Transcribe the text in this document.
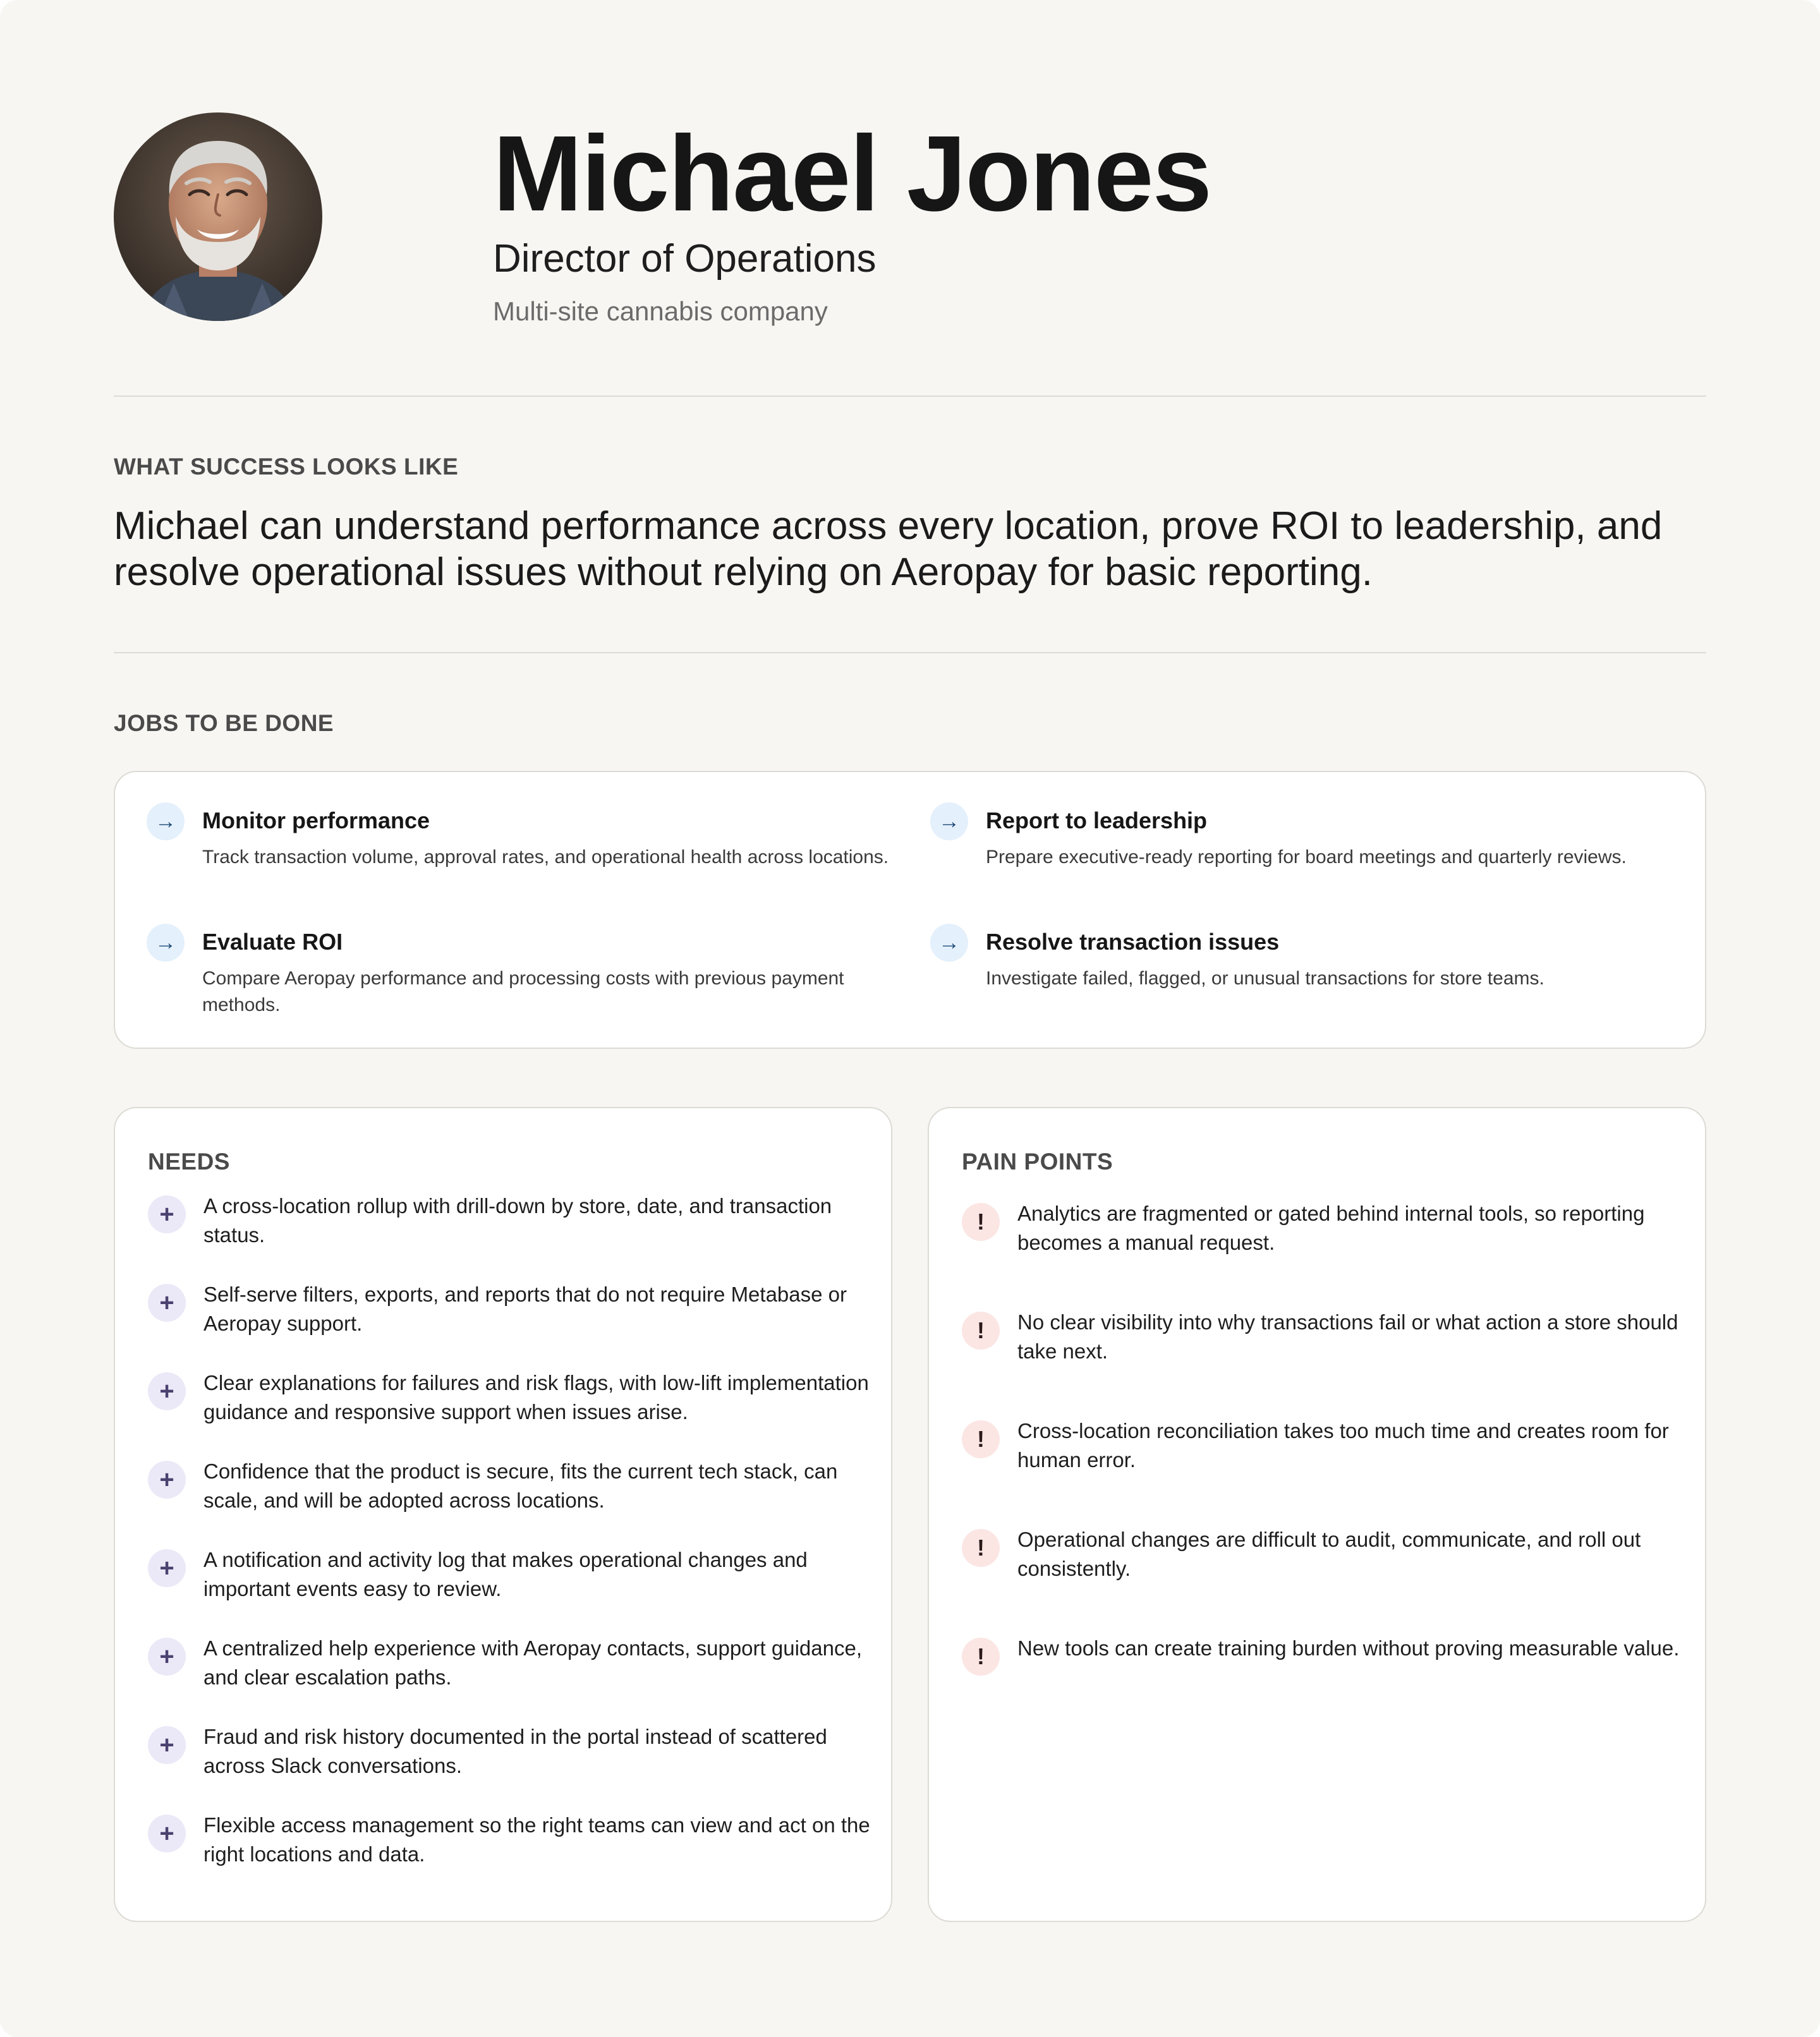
Michael Jones
Director of Operations
Multi-site cannabis company
WHAT SUCCESS LOOKS LIKE
Michael can understand performance across every location, prove ROI to leadership, and resolve operational issues without relying on Aeropay for basic reporting.
JOBS TO BE DONE
→	Monitor performance
Track transaction volume, approval rates, and operational health across locations.
→	Report to leadership
Prepare executive-ready reporting for board meetings and quarterly reviews.
→	Evaluate ROI
Compare Aeropay performance and processing costs with previous payment methods.
→	Resolve transaction issues
Investigate failed, flagged, or unusual transactions for store teams.
NEEDS
+	A cross-location rollup with drill-down by store, date, and transaction status.
+	Self-serve filters, exports, and reports that do not require Metabase or Aeropay support.
+	Clear explanations for failures and risk flags, with low-lift implementation guidance and responsive support when issues arise.
+	Confidence that the product is secure, fits the current tech stack, can scale, and will be adopted across locations.
+	A notification and activity log that makes operational changes and important events easy to review.
+	A centralized help experience with Aeropay contacts, support guidance, and clear escalation paths.
+	Fraud and risk history documented in the portal instead of scattered across Slack conversations.
+	Flexible access management so the right teams can view and act on the right locations and data.
PAIN POINTS
!	Analytics are fragmented or gated behind internal tools, so reporting becomes a manual request.
!	No clear visibility into why transactions fail or what action a store should take next.
!	Cross-location reconciliation takes too much time and creates room for human error.
!	Operational changes are difficult to audit, communicate, and roll out consistently.
!	New tools can create training burden without proving measurable value.
